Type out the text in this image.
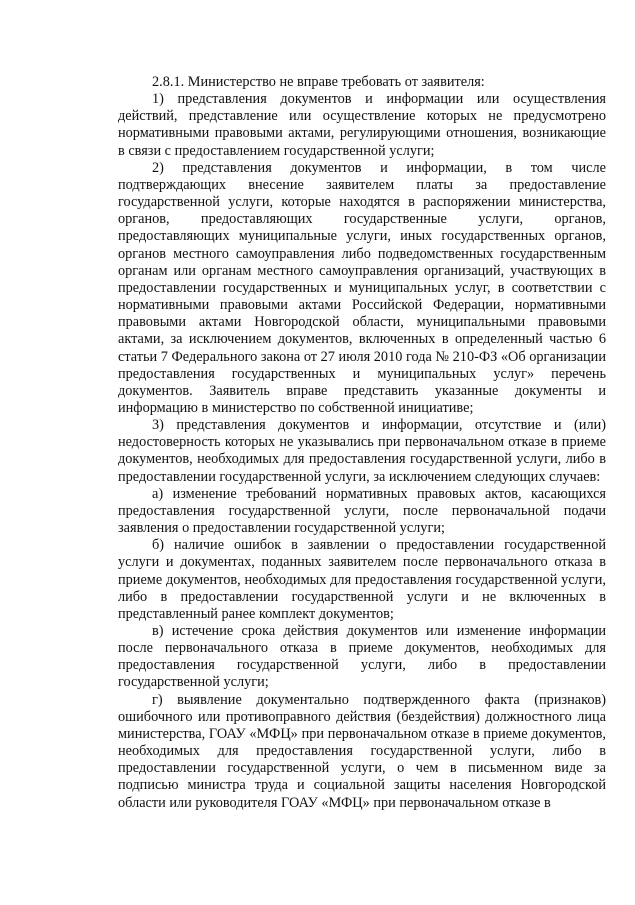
2.8.1. Министерство не вправе требовать от заявителя:

1) представления документов и информации или осуществления действий, представление или осуществление которых не предусмотрено нормативными правовыми актами, регулирующими отношения, возникающие в связи с предоставлением государственной услуги;

2) представления документов и информации, в том числе подтверждающих внесение заявителем платы за предоставление государственной услуги, которые находятся в распоряжении министерства, органов, предоставляющих государственные услуги, органов, предоставляющих муниципальные услуги, иных государственных органов, органов местного самоуправления либо подведомственных государственным органам или органам местного самоуправления организаций, участвующих в предоставлении государственных и муниципальных услуг, в соответствии с нормативными правовыми актами Российской Федерации, нормативными правовыми актами Новгородской области, муниципальными правовыми актами, за исключением документов, включенных в определенный частью 6 статьи 7 Федерального закона от 27 июля 2010 года № 210-ФЗ «Об организации предоставления государственных и муниципальных услуг» перечень документов. Заявитель вправе представить указанные документы и информацию в министерство по собственной инициативе;

3) представления документов и информации, отсутствие и (или) недостоверность которых не указывались при первоначальном отказе в приеме документов, необходимых для предоставления государственной услуги, либо в предоставлении государственной услуги, за исключением следующих случаев:

а) изменение требований нормативных правовых актов, касающихся предоставления государственной услуги, после первоначальной подачи заявления о предоставлении государственной услуги;

б) наличие ошибок в заявлении о предоставлении государственной услуги и документах, поданных заявителем после первоначального отказа в приеме документов, необходимых для предоставления государственной услуги, либо в предоставлении государственной услуги и не включенных в представленный ранее комплект документов;

в) истечение срока действия документов или изменение информации после первоначального отказа в приеме документов, необходимых для предоставления государственной услуги, либо в предоставлении государственной услуги;

г) выявление документально подтвержденного факта (признаков) ошибочного или противоправного действия (бездействия) должностного лица министерства, ГОАУ «МФЦ» при первоначальном отказе в приеме документов, необходимых для предоставления государственной услуги, либо в предоставлении государственной услуги, о чем в письменном виде за подписью министра труда и социальной защиты населения Новгородской области или руководителя ГОАУ «МФЦ» при первоначальном отказе в
